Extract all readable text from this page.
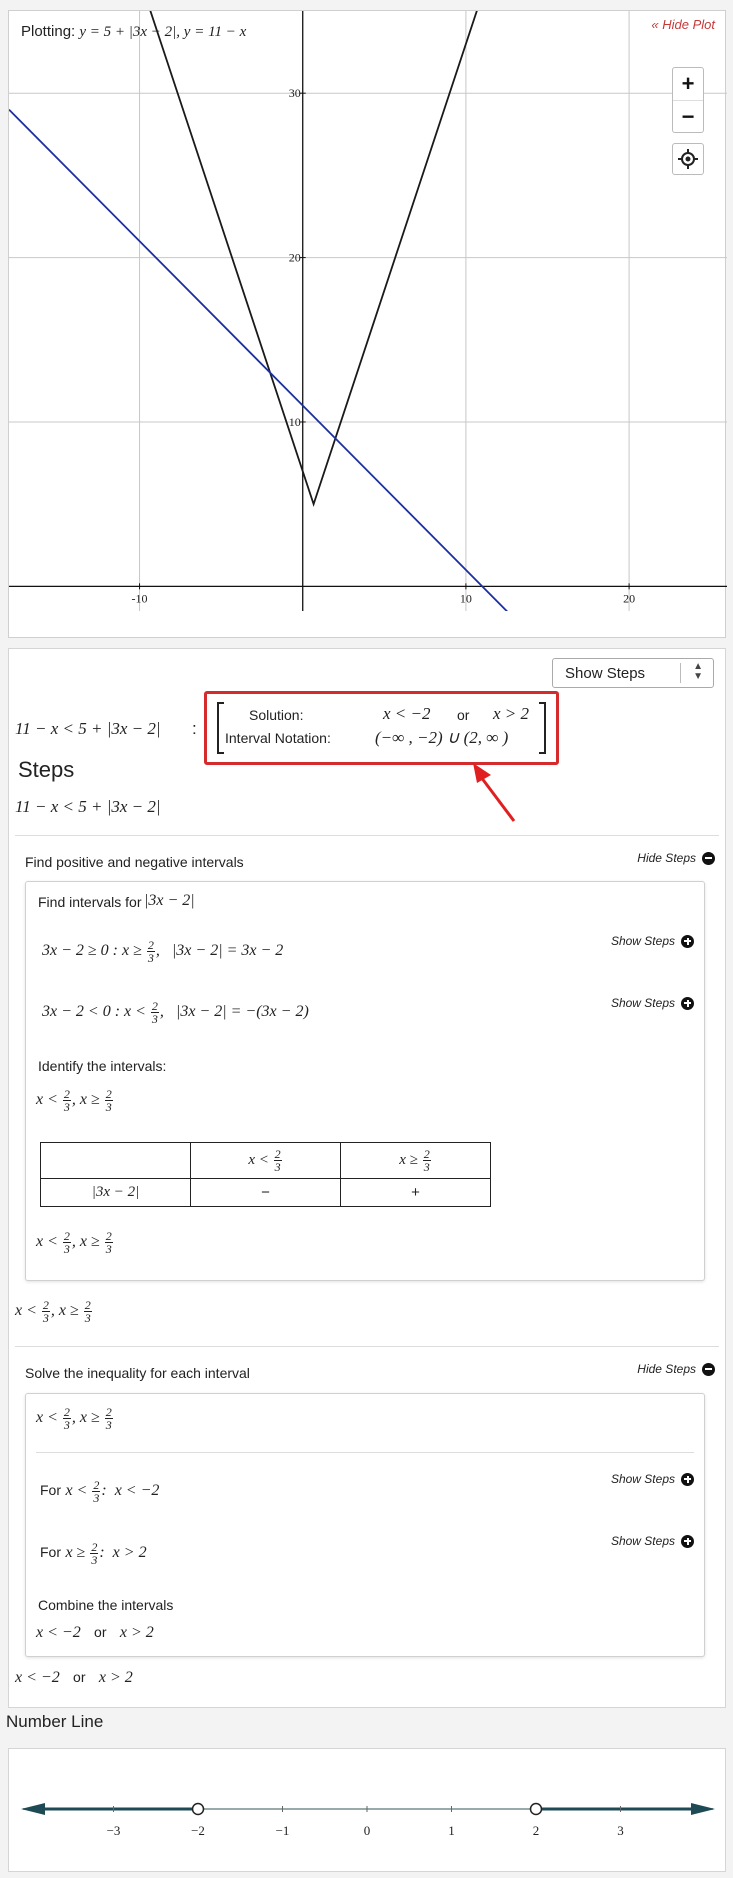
-10	10	20
10
20
30
Plotting: y = 5 + |3x − 2|, y = 11 − x	« Hide Plot
+
−
Show Steps	▲
▼
11 − x < 5 + |3x − 2| :
Solution:	x < −2 or x > 2
Interval Notation:	(−∞ , −2) ∪ (2, ∞ )
Steps
11 − x < 5 + |3x − 2|
Find positive and negative intervals	Hide Steps
Find intervals for |3x − 2|
3x − 2 ≥ 0 : $x \ge \frac{2}{3}$ , |3x − 2| = 3x − 2
Show Steps
3x − 2 < 0 : $x < \frac{2}{3}$ , |3x − 2| = −(3x − 2)
Show Steps
Identify the intervals:
$x < \frac{2}{3}$ , $x \ge \frac{2}{3}$
	$x < \frac{2}{3}$	$x \ge \frac{2}{3}$

|3x − 2|	−	+
$x < \frac{2}{3}$ , $x \ge \frac{2}{3}$
$x < \frac{2}{3}$ , $x \ge \frac{2}{3}$
Solve the inequality for each interval	Hide Steps
$x < \frac{2}{3}$ , $x \ge \frac{2}{3}$
For $x < \frac{2}{3}$ :  x < −2
Show Steps
For $x \ge \frac{2}{3}$ :  x > 2
Show Steps
Combine the intervals
x < −2 or x > 2
x < −2 or x > 2
Number Line
−3	−2	−1	0	1	2	3
